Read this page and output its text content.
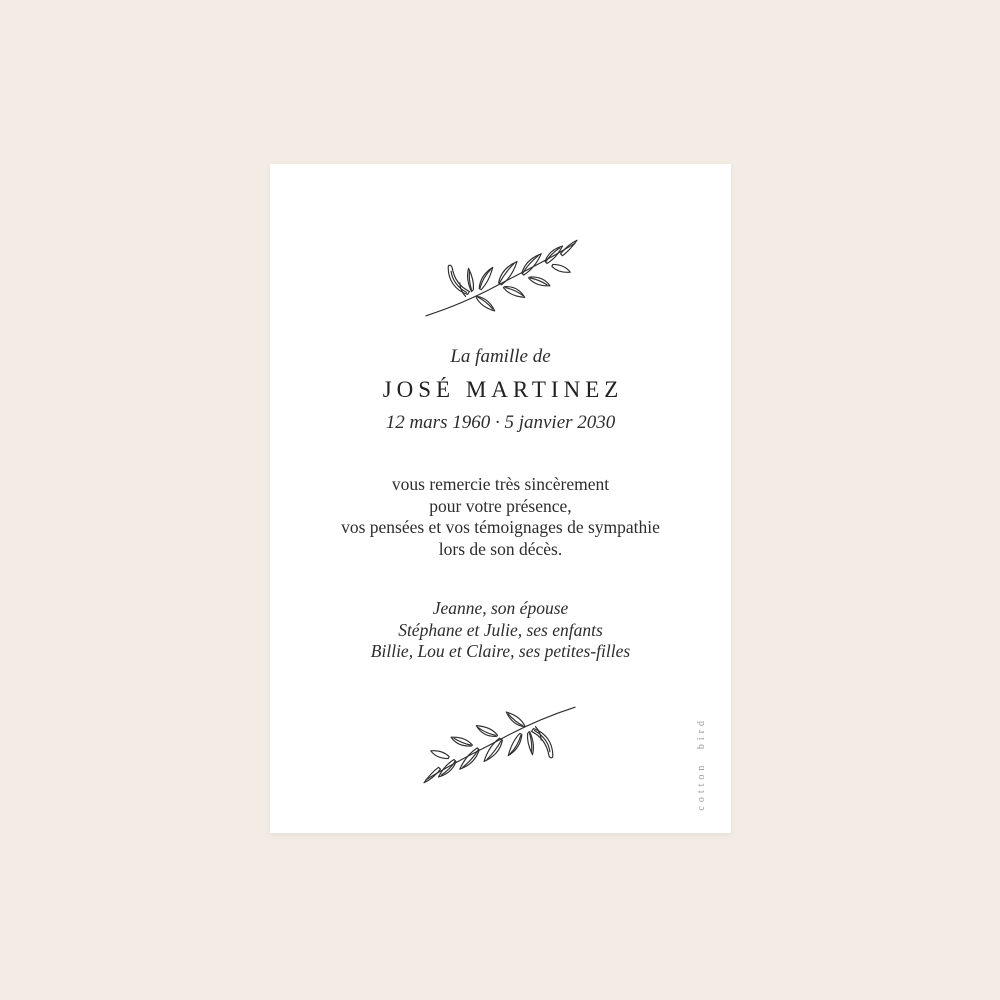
La famille de
JOSÉ MARTINEZ
12 mars 1960 · 5 janvier 2030
vous remercie très sincèrement
pour votre présence,
vos pensées et vos témoignages de sympathie
lors de son décès.
Jeanne, son épouse
Stéphane et Julie, ses enfants
Billie, Lou et Claire, ses petites-filles
cotton bird
